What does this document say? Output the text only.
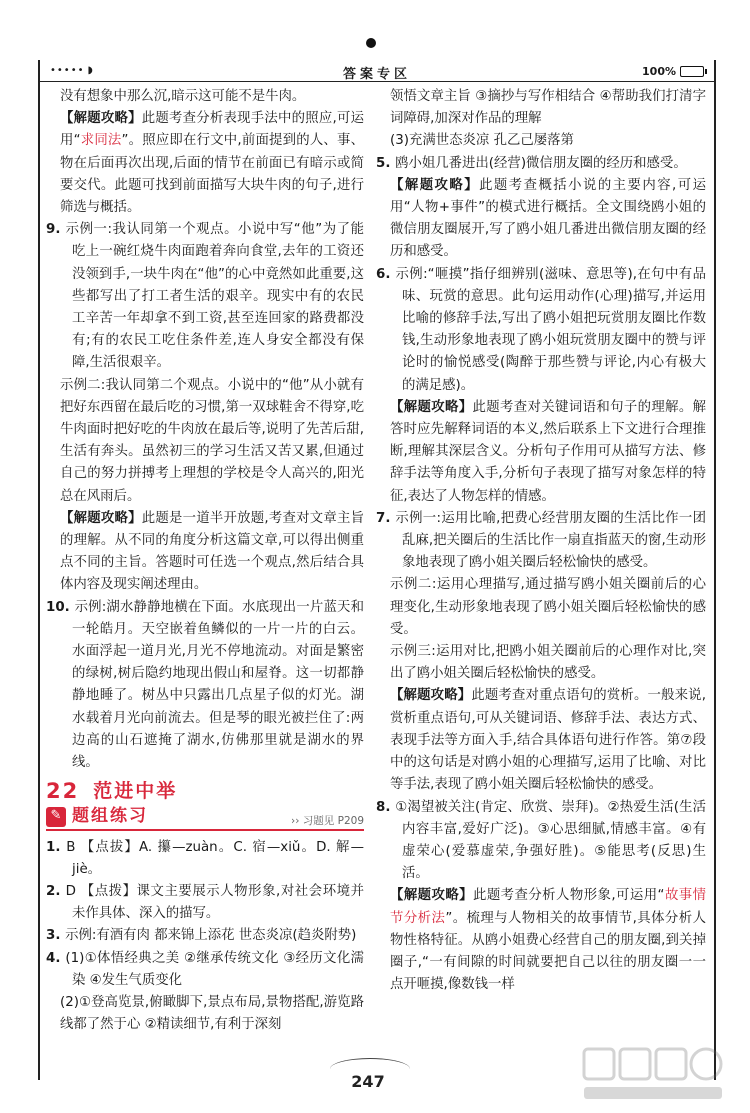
••••• ◗	答案专区	100%
没有想象中那么沉,暗示这可能不是牛肉。
【解题攻略】此题考查分析表现手法中的照应,可运用“求同法”。照应即在行文中,前面提到的人、事、物在后面再次出现,后面的情节在前面已有暗示或简要交代。此题可找到前面描写大块牛肉的句子,进行筛选与概括。
9. 示例一:我认同第一个观点。小说中写“他”为了能吃上一碗红烧牛肉面跑着奔向食堂,去年的工资还没领到手,一块牛肉在“他”的心中竟然如此重要,这些都写出了打工者生活的艰辛。现实中有的农民工辛苦一年却拿不到工资,甚至连回家的路费都没有;有的农民工吃住条件差,连人身安全都没有保障,生活很艰辛。
示例二:我认同第二个观点。小说中的“他”从小就有把好东西留在最后吃的习惯,第一双球鞋舍不得穿,吃牛肉面时把好吃的牛肉放在最后等,说明了先苦后甜,生活有奔头。虽然初三的学习生活又苦又累,但通过自己的努力拼搏考上理想的学校是令人高兴的,阳光总在风雨后。
【解题攻略】此题是一道半开放题,考查对文章主旨的理解。从不同的角度分析这篇文章,可以得出侧重点不同的主旨。答题时可任选一个观点,然后结合具体内容及现实阐述理由。
10. 示例:湖水静静地横在下面。水底现出一片蓝天和一轮皓月。天空嵌着鱼鳞似的一片一片的白云。水面浮起一道月光,月光不停地流动。对面是繁密的绿树,树后隐约地现出假山和屋脊。这一切都静静地睡了。树丛中只露出几点星子似的灯光。湖水载着月光向前流去。但是琴的眼光被拦住了:两边高的山石遮掩了湖水,仿佛那里就是湖水的界线。
22 范进中举
✎ 题组练习	›› 习题见 P209
1. B 【点拔】A. 攥—zuàn。C. 宿—xiǔ。D. 解—jiè。
2. D 【点拨】课文主要展示人物形象,对社会环境并未作具体、深入的描写。
3. 示例:有酒有肉 都来锦上添花 世态炎凉(趋炎附势)
4. (1)①体悟经典之美 ②继承传统文化 ③经历文化濡染 ④发生气质变化
(2)①登高览景,俯瞰脚下,景点布局,景物搭配,游览路线都了然于心 ②精读细节,有利于深刻
领悟文章主旨 ③摘抄与写作相结合 ④帮助我们打清字词障碍,加深对作品的理解
(3)充满世态炎凉 孔乙己屡落第
5. 鸥小姐几番进出(经营)微信朋友圈的经历和感受。
【解题攻略】此题考查概括小说的主要内容,可运用“人物+事件”的模式进行概括。全文围绕鸥小姐的微信朋友圈展开,写了鸥小姐几番进出微信朋友圈的经历和感受。
6. 示例:“咂摸”指仔细辨别(滋味、意思等),在句中有品味、玩赏的意思。此句运用动作(心理)描写,并运用比喻的修辞手法,写出了鸥小姐把玩赏朋友圈比作数钱,生动形象地表现了鸥小姐玩赏朋友圈中的赞与评论时的愉悦感受(陶醉于那些赞与评论,内心有极大的满足感)。
【解题攻略】此题考查对关键词语和句子的理解。解答时应先解释词语的本义,然后联系上下文进行合理推断,理解其深层含义。分析句子作用可从描写方法、修辞手法等角度入手,分析句子表现了描写对象怎样的特征,表达了人物怎样的情感。
7. 示例一:运用比喻,把费心经营朋友圈的生活比作一团乱麻,把关圈后的生活比作一扇直指蓝天的窗,生动形象地表现了鸥小姐关圈后轻松愉快的感受。
示例二:运用心理描写,通过描写鸥小姐关圈前后的心理变化,生动形象地表现了鸥小姐关圈后轻松愉快的感受。
示例三:运用对比,把鸥小姐关圈前后的心理作对比,突出了鸥小姐关圈后轻松愉快的感受。
【解题攻略】此题考查对重点语句的赏析。一般来说,赏析重点语句,可从关键词语、修辞手法、表达方式、表现手法等方面入手,结合具体语句进行作答。第⑦段中的这句话是对鸥小姐的心理描写,运用了比喻、对比等手法,表现了鸥小姐关圈后轻松愉快的感受。
8. ①渴望被关注(肯定、欣赏、崇拜)。②热爱生活(生活内容丰富,爱好广泛)。③心思细腻,情感丰富。④有虚荣心(爱慕虚荣,争强好胜)。⑤能思考(反思)生活。
【解题攻略】此题考查分析人物形象,可运用“故事情节分析法”。梳理与人物相关的故事情节,具体分析人物性格特征。从鸥小姐费心经营自己的朋友圈,到关掉圈子,“一有间隙的时间就要把自己以往的朋友圈一一点开咂摸,像数钱一样
247
